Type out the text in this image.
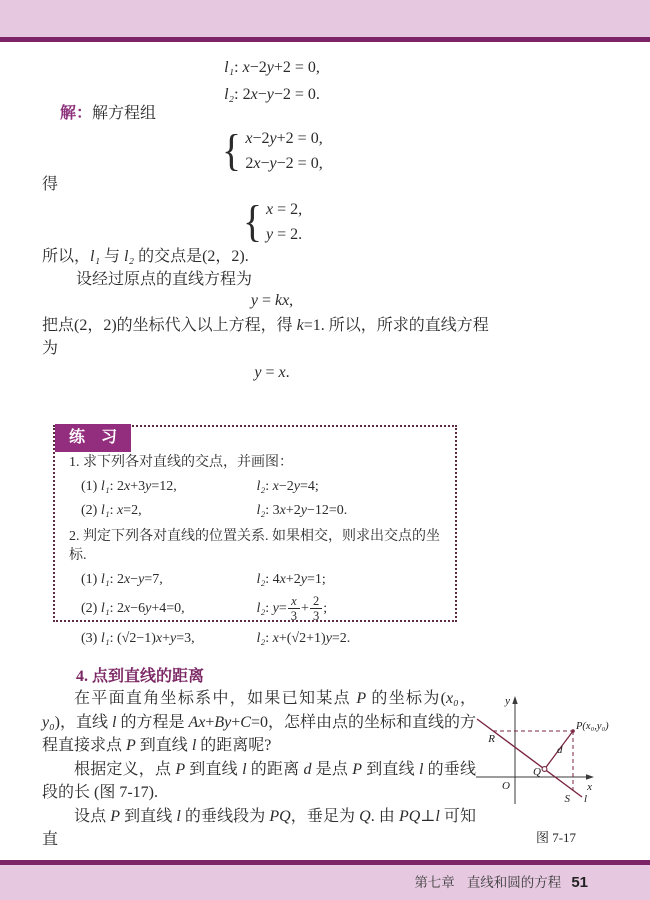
l₁: x−2y+2 = 0,
l₂: 2x−y−2 = 0.
解：解方程组
{ x−2y+2 = 0,
2x−y−2 = 0,
得
{ x = 2,
y = 2.
所以，l₁ 与 l₂ 的交点是(2，2).
设经过原点的直线方程为
y = kx,
把点(2，2)的坐标代入以上方程，得 k=1. 所以，所求的直线方程
为
y = x.
练　习
1. 求下列各对直线的交点，并画图：
(1) l₁: 2x+3y=12,	l₂: x−2y=4;
(2) l₁: x=2,	l₂: 3x+2y−12=0.
2. 判定下列各对直线的位置关系. 如果相交，则求出交点的坐标.
(1) l₁: 2x−y=7,	l₂: 4x+2y=1;
(2) l₁: 2x−6y+4=0,	l₂: $y= \frac{x}{3} + \frac{2}{3}$ ;
(3) l₁: (√2−1)x+y=3,	l₂: x+(√2+1)y=2.
4. 点到直线的距离

在平面直角坐标系中，如果已知某点 P 的坐标为(x₀，y₀)，直线 l 的方程是 Ax+By+C=0，怎样由点的坐标和直线的方程直接求点 P 到直线 l 的距离呢?

根据定义，点 P 到直线 l 的距离 d 是点 P 到直线 l 的垂线段的长 (图 7-17).

设点 P 到直线 l 的垂线段为 PQ，垂足为 Q. 由 PQ⊥l 可知直

y
x
O
R
P(x₀,y₀)
Q
S l
d
图 7-17
第七章 直线和圆的方程 51
